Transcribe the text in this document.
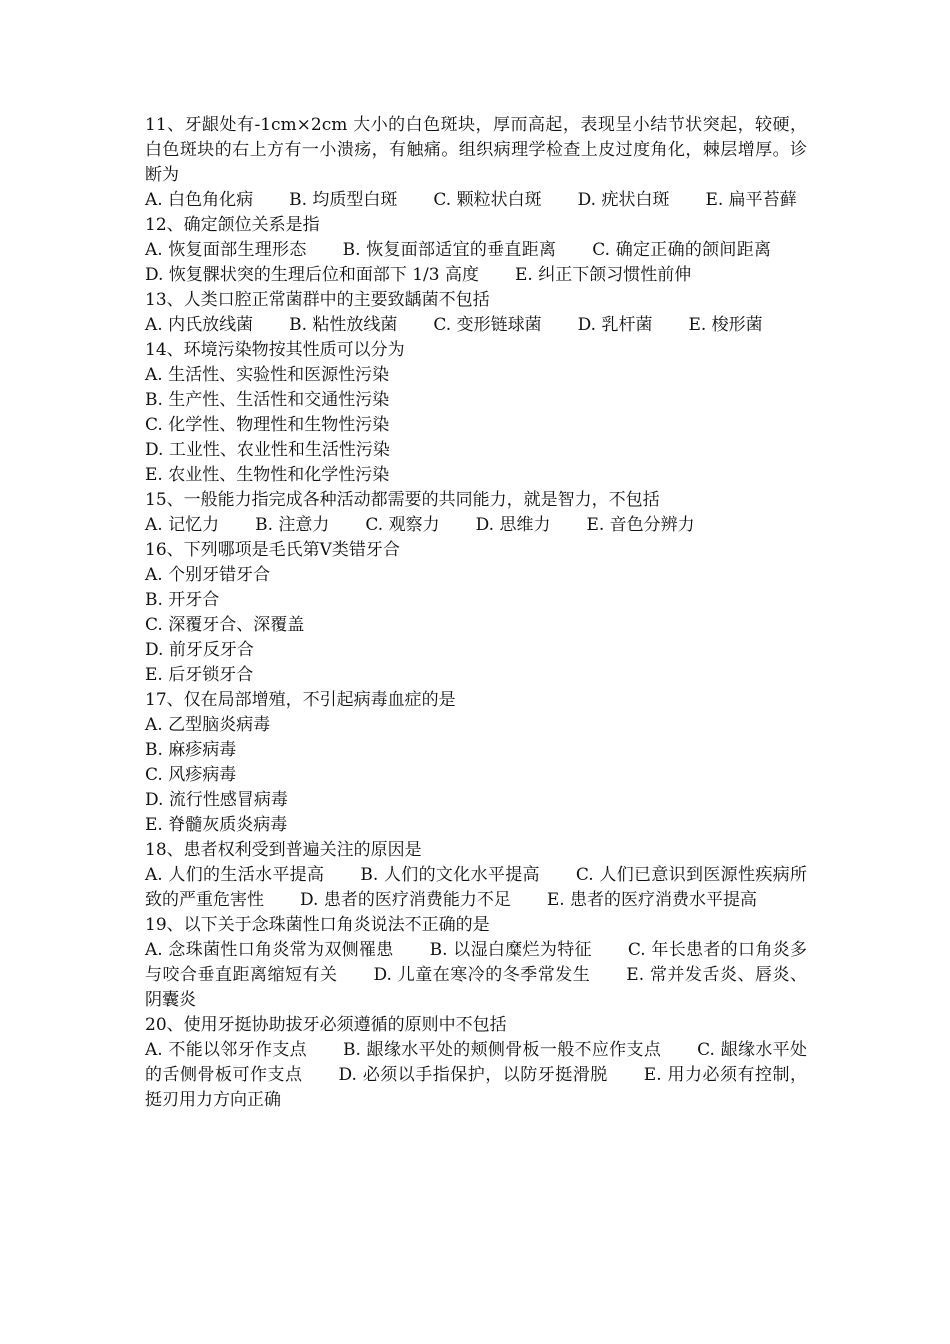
11、牙龈处有-1cm×2cm 大小的白色斑块，厚而高起，表现呈小结节状突起，较硬，白色斑块的右上方有一小溃疡，有触痛。组织病理学检查上皮过度角化，棘层增厚。诊断为

A. 白色角化病 B. 均质型白斑 C. 颗粒状白斑 D. 疣状白斑 E. 扁平苔藓

12、确定颌位关系是指

A. 恢复面部生理形态 B. 恢复面部适宜的垂直距离 C. 确定正确的颌间距离D. 恢复髁状突的生理后位和面部下 1/3 高度 E. 纠正下颌习惯性前伸

13、人类口腔正常菌群中的主要致龋菌不包括

A. 内氏放线菌 B. 粘性放线菌 C. 变形链球菌 D. 乳杆菌 E. 梭形菌

14、环境污染物按其性质可以分为

A. 生活性、实验性和医源性污染

B. 生产性、生活性和交通性污染

C. 化学性、物理性和生物性污染

D. 工业性、农业性和生活性污染

E. 农业性、生物性和化学性污染

15、一般能力指完成各种活动都需要的共同能力，就是智力，不包括

A. 记忆力 B. 注意力 C. 观察力 D. 思维力 E. 音色分辨力

16、下列哪项是毛氏第Ⅴ类错牙合

A. 个别牙错牙合

B. 开牙合

C. 深覆牙合、深覆盖

D. 前牙反牙合

E. 后牙锁牙合

17、仅在局部增殖，不引起病毒血症的是

A. 乙型脑炎病毒

B. 麻疹病毒

C. 风疹病毒

D. 流行性感冒病毒

E. 脊髓灰质炎病毒

18、患者权利受到普遍关注的原因是

A. 人们的生活水平提高 B. 人们的文化水平提高 C. 人们已意识到医源性疾病所致的严重危害性 D. 患者的医疗消费能力不足 E. 患者的医疗消费水平提高

19、以下关于念珠菌性口角炎说法不正确的是

A. 念珠菌性口角炎常为双侧罹患 B. 以湿白糜烂为特征 C. 年长患者的口角炎多与咬合垂直距离缩短有关 D. 儿童在寒冷的冬季常发生 E. 常并发舌炎、唇炎、阴囊炎

20、使用牙挺协助拔牙必须遵循的原则中不包括

A. 不能以邻牙作支点 B. 龈缘水平处的颊侧骨板一般不应作支点 C. 龈缘水平处的舌侧骨板可作支点 D. 必须以手指保护，以防牙挺滑脱 E. 用力必须有控制，挺刃用力方向正确
